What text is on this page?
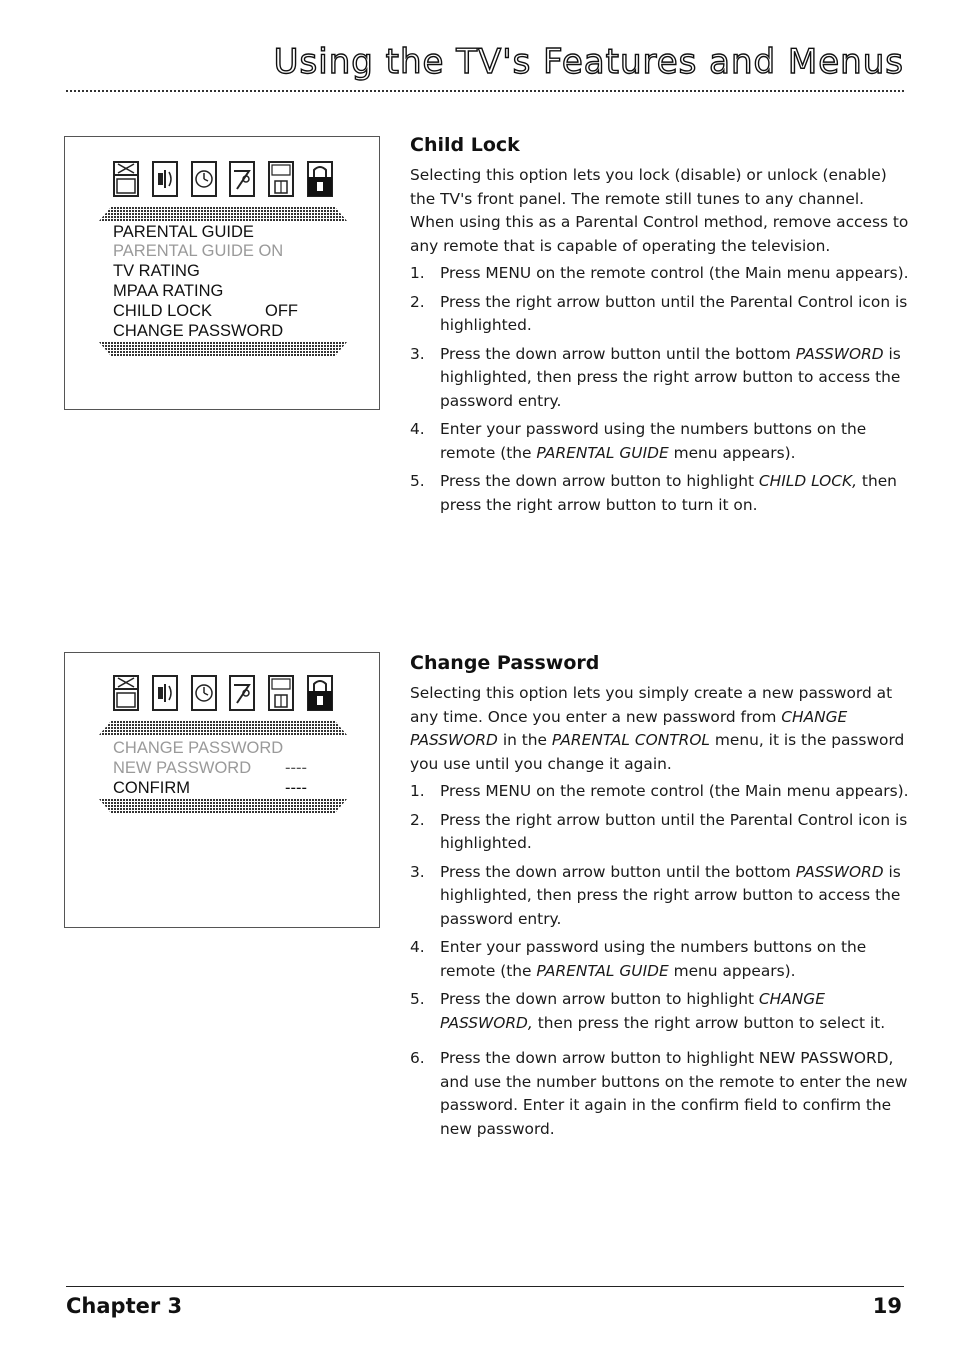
Using the TV's Features and Menus
PARENTAL GUIDE
PARENTAL GUIDE ON
TV RATING
MPAA RATING
CHILD LOCK	OFF
CHANGE PASSWORD
Child Lock

Selecting this option lets you lock (disable) or unlock (enable) the TV's front panel. The remote still tunes to any channel. When using this as a Parental Control method, remove access to any remote that is capable of operating the television.

1. Press MENU on the remote control (the Main menu appears).
2. Press the right arrow button until the Parental Control icon is highlighted.
3. Press the down arrow button until the bottom PASSWORD is highlighted, then press the right arrow button to access the password entry.
4. Enter your password using the numbers buttons on the remote (the PARENTAL GUIDE menu appears).
5. Press the down arrow button to highlight CHILD LOCK, then press the right arrow button to turn it on.
CHANGE PASSWORD
NEW PASSWORD ----
CONFIRM	----
Change Password

Selecting this option lets you simply create a new password at any time. Once you enter a new password from CHANGE PASSWORD in the PARENTAL CONTROL menu, it is the password you use until you change it again.

1. Press MENU on the remote control (the Main menu appears).
2. Press the right arrow button until the Parental Control icon is highlighted.
3. Press the down arrow button until the bottom PASSWORD is highlighted, then press the right arrow button to access the password entry.
4. Enter your password using the numbers buttons on the remote (the PARENTAL GUIDE menu appears).
5. Press the down arrow button to highlight CHANGE PASSWORD, then press the right arrow button to select it.
6. Press the down arrow button to highlight NEW PASSWORD, and use the number buttons on the remote to enter the new password. Enter it again in the confirm field to confirm the new password.
Chapter 3	19
